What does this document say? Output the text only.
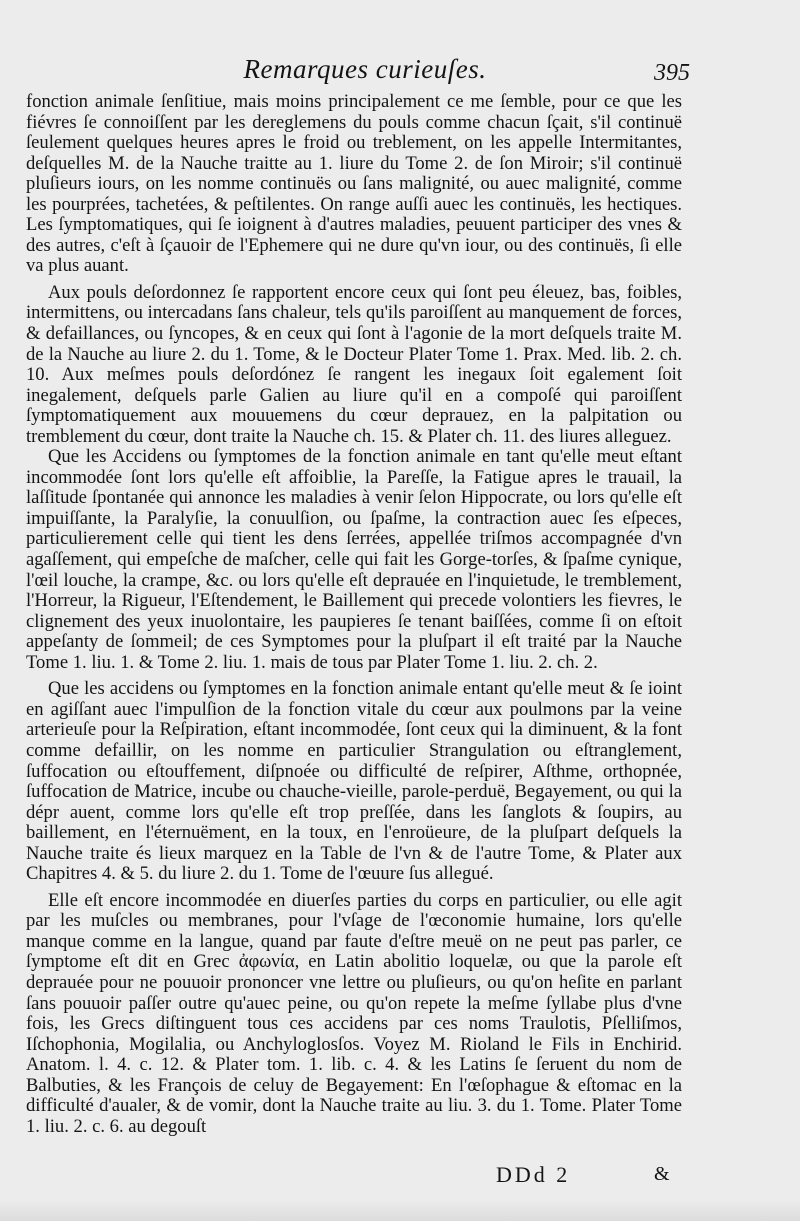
Remarques curieuſes.	395

fonction animale ſenſitiue, mais moins principalement ce me ſemble, pour ce que les fiévres ſe connoiſſent par les dereglemens du pouls comme chacun ſçait, s'il continuë ſeulement quelques heures apres le froid ou treblement, on les appelle Intermitantes, deſquelles M. de la Nauche traitte au 1. liure du Tome 2. de ſon Miroir; s'il continuë pluſieurs iours, on les nomme continuës ou ſans malignité, ou auec malignité, comme les pourprées, tachetées, & peſtilentes. On range auſſi auec les continuës, les hectiques. Les ſymptomatiques, qui ſe ioignent à d'autres maladies, peuuent participer des vnes & des autres, c'eſt à ſçauoir de l'Ephemere qui ne dure qu'vn iour, ou des continuës, ſi elle va plus auant.

Aux pouls deſordonnez ſe rapportent encore ceux qui ſont peu éleuez, bas, foibles, intermittens, ou intercadans ſans chaleur, tels qu'ils paroiſſent au manquement de forces, & defaillances, ou ſyncopes, & en ceux qui ſont à l'agonie de la mort deſquels traite M. de la Nauche au liure 2. du 1. Tome, & le Docteur Plater Tome 1. Prax. Med. lib. 2. ch. 10. Aux meſmes pouls deſordónez ſe rangent les inegaux ſoit egalement ſoit inegalement, deſquels parle Galien au liure qu'il en a compoſé qui paroiſſent ſymptomatiquement aux mouuemens du cœur deprauez, en la palpitation ou tremblement du cœur, dont traite la Nauche ch. 15. & Plater ch. 11. des liures alleguez.

Que les Accidens ou ſymptomes de la fonction animale en tant qu'elle meut eſtant incommodée ſont lors qu'elle eſt affoiblie, la Pareſſe, la Fatigue apres le trauail, la laſſitude ſpontanée qui annonce les maladies à venir ſelon Hippocrate, ou lors qu'elle eſt impuiſſante, la Paralyſie, la conuulſion, ou ſpaſme, la contraction auec ſes eſpeces, particulierement celle qui tient les dens ſerrées, appellée triſmos accompagnée d'vn agaſſement, qui empeſche de maſcher, celle qui fait les Gorge-torſes, & ſpaſme cynique, l'œil louche, la crampe, &c. ou lors qu'elle eſt deprauée en l'inquietude, le tremblement, l'Horreur, la Rigueur, l'Eſtendement, le Baillement qui precede volontiers les fievres, le clignement des yeux inuolontaire, les paupieres ſe tenant baiſſées, comme ſi on eſtoit appeſanty de ſommeil; de ces Symptomes pour la pluſpart il eſt traité par la Nauche Tome 1. liu. 1. & Tome 2. liu. 1. mais de tous par Plater Tome 1. liu. 2. ch. 2.

Que les accidens ou ſymptomes en la fonction animale entant qu'elle meut & ſe ioint en agiſſant auec l'impulſion de la fonction vitale du cœur aux poulmons par la veine arterieuſe pour la Reſpiration, eſtant incommodée, ſont ceux qui la diminuent, & la font comme defaillir, on les nomme en particulier Strangulation ou eſtranglement, ſuffocation ou eſtouffement, diſpnoée ou difficulté de reſpirer, Aſthme, orthopnée, ſuffocation de Matrice, incube ou chauche-vieille, parole-perduë, Begayement, ou qui la dépr auent, comme lors qu'elle eſt trop preſſée, dans les ſanglots & ſoupirs, au baillement, en l'éternuëment, en la toux, en l'enroüeure, de la pluſpart deſquels la Nauche traite és lieux marquez en la Table de l'vn & de l'autre Tome, & Plater aux Chapitres 4. & 5. du liure 2. du 1. Tome de l'œuure ſus allegué.

Elle eſt encore incommodée en diuerſes parties du corps en particulier, ou elle agit par les muſcles ou membranes, pour l'vſage de l'œconomie humaine, lors qu'elle manque comme en la langue, quand par faute d'eſtre meuë on ne peut pas parler, ce ſymptome eſt dit en Grec ἀφωνία, en Latin abolitio loquelæ, ou que la parole eſt deprauée pour ne pouuoir prononcer vne lettre ou pluſieurs, ou qu'on heſite en parlant ſans pouuoir paſſer outre qu'auec peine, ou qu'on repete la meſme ſyllabe plus d'vne fois, les Grecs diſtinguent tous ces accidens par ces noms Traulotis, Pſelliſmos, Iſchophonia, Mogilalia, ou Anchyloglosſos. Voyez M. Rioland le Fils in Enchirid. Anatom. l. 4. c. 12. & Plater tom. 1. lib. c. 4. & les Latins ſe ſeruent du nom de Balbuties, & les François de celuy de Begayement: En l'œſophague & eſtomac en la difficulté d'aualer, & de vomir, dont la Nauche traite au liu. 3. du 1. Tome. Plater Tome 1. liu. 2. c. 6. au degouſt

DDd 2	&
